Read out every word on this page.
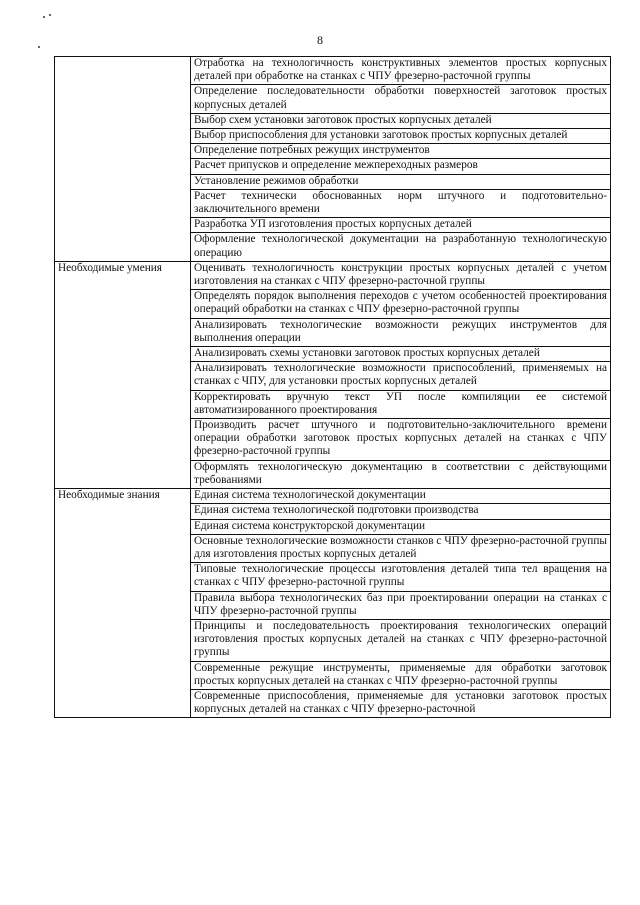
8
	Отработка на технологичность конструктивных элементов простых корпусных деталей при обработке на станках с ЧПУ фрезерно-расточной группы
	Определение последовательности обработки поверхностей заготовок простых корпусных деталей
	Выбор схем установки заготовок простых корпусных деталей
	Выбор приспособления для установки заготовок простых корпусных деталей
	Определение потребных режущих инструментов
	Расчет припусков и определение межпереходных размеров
	Установление режимов обработки
	Расчет технически обоснованных норм штучного и подготовительно-заключительного времени
	Разработка УП изготовления простых корпусных деталей
	Оформление технологической документации на разработанную технологическую операцию
Необходимые умения	Оценивать технологичность конструкции простых корпусных деталей с учетом изготовления на станках с ЧПУ фрезерно-расточной группы
	Определять порядок выполнения переходов с учетом особенностей проектирования операций обработки на станках с ЧПУ фрезерно-расточной группы
	Анализировать технологические возможности режущих инструментов для выполнения операции
	Анализировать схемы установки заготовок простых корпусных деталей
	Анализировать технологические возможности приспособлений, применяемых на станках с ЧПУ, для установки простых корпусных деталей
	Корректировать вручную текст УП после компиляции ее системой автоматизированного проектирования
	Производить расчет штучного и подготовительно-заключительного времени операции обработки заготовок простых корпусных деталей на станках с ЧПУ фрезерно-расточной группы
	Оформлять технологическую документацию в соответствии с действующими требованиями
Необходимые знания	Единая система технологической документации
	Единая система технологической подготовки производства
	Единая система конструкторской документации
	Основные технологические возможности станков с ЧПУ фрезерно-расточной группы для изготовления простых корпусных деталей
	Типовые технологические процессы изготовления деталей типа тел вращения на станках с ЧПУ фрезерно-расточной группы
	Правила выбора технологических баз при проектировании операции на станках с ЧПУ фрезерно-расточной группы
	Принципы и последовательность проектирования технологических операций изготовления простых корпусных деталей на станках с ЧПУ фрезерно-расточной группы
	Современные режущие инструменты, применяемые для обработки заготовок простых корпусных деталей на станках с ЧПУ фрезерно-расточной группы
	Современные приспособления, применяемые для установки заготовок простых корпусных деталей на станках с ЧПУ фрезерно-расточной
